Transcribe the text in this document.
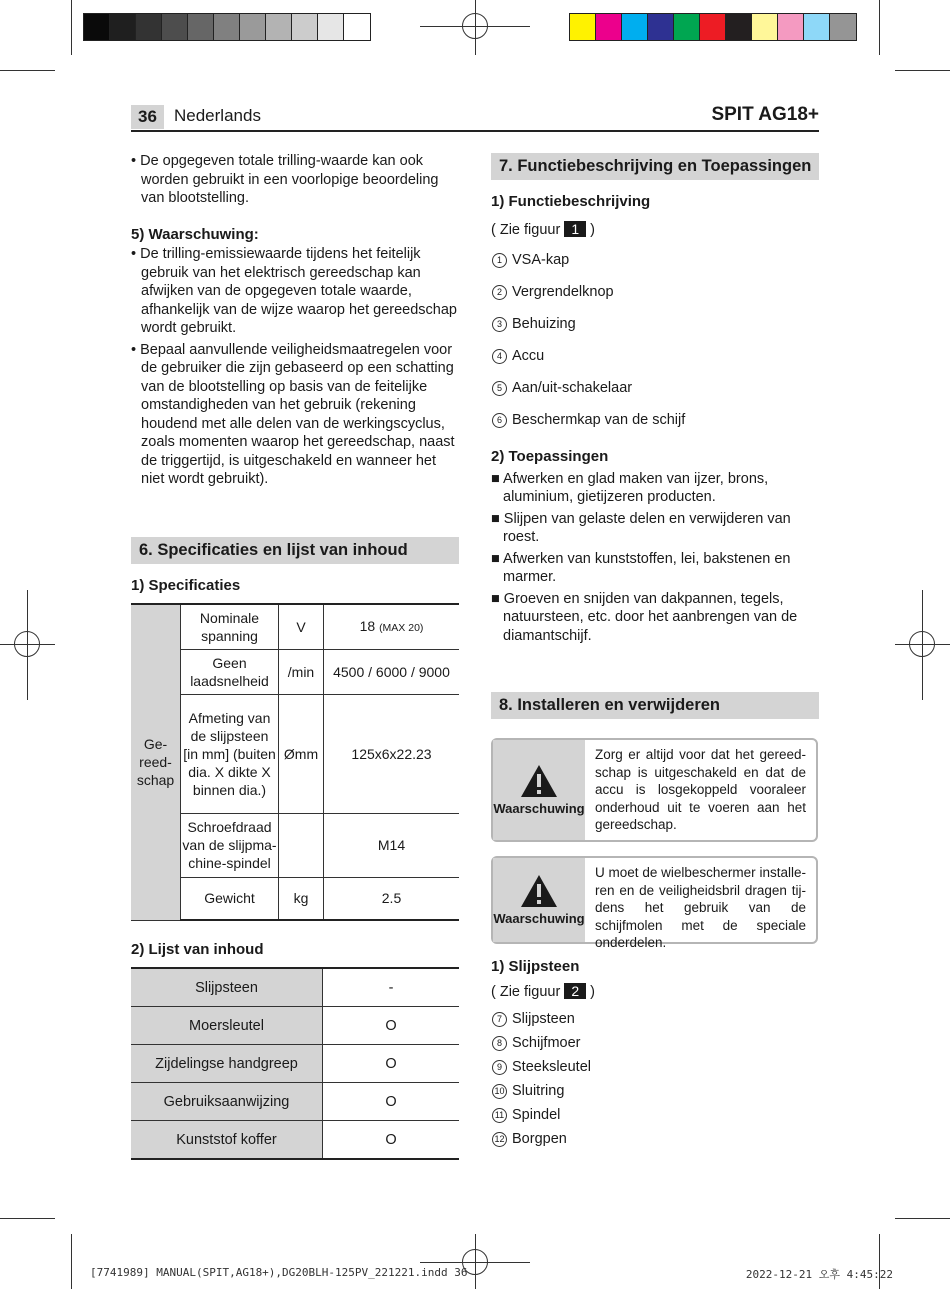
36	Nederlands	SPIT AG18+

• De opgegeven totale trilling-waarde kan ook worden gebruikt in een voorlopige beoordeling van blootstelling.

5) Waarschuwing:

• De trilling-emissiewaarde tijdens het feitelijk gebruik van het elektrisch gereedschap kan afwijken van de opgegeven totale waarde, afhankelijk van de wijze waarop het gereedschap wordt gebruikt.

• Bepaal aanvullende veiligheidsmaatregelen voor de gebruiker die zijn gebaseerd op een schatting van de blootstelling op basis van de feitelijke omstandigheden van het gebruik (rekening houdend met alle delen van de werkingscyclus, zoals momenten waarop het gereedschap, naast de triggertijd, is uitgeschakeld en wanneer het niet wordt gebruikt).

6. Specificaties en lijst van inhoud
1) Specificaties
Ge-reed-schap	Nominale spanning	V	18 (MAX 20)
	Geen laadsnelheid	/min	4500 / 6000 / 9000
	Afmeting van de slijpsteen [in mm] (buiten dia. X dikte X binnen dia.)	Ømm	125x6x22.23
	Schroefdraad van de slijpma-chine-spindel		M14
	Gewicht	kg	2.5
2) Lijst van inhoud
Slijpsteen	-
Moersleutel	O
Zijdelingse handgreep	O
Gebruiksaanwijzing	O
Kunststof koffer	O
7. Functiebeschrijving en Toepassingen
1) Functiebeschrijving
( Zie figuur 1 )
1 VSA-kap
2 Vergrendelknop
3 Behuizing
4 Accu
5 Aan/uit-schakelaar
6 Beschermkap van de schijf

2) Toepassingen

■ Afwerken en glad maken van ijzer, brons, aluminium, gietijzeren producten.

■ Slijpen van gelaste delen en verwijderen van roest.

■ Afwerken van kunststoffen, lei, bakstenen en marmer.

■ Groeven en snijden van dakpannen, tegels, natuursteen, etc. door het aanbrengen van de diamantschijf.

8. Installeren en verwijderen
Waarschuwing
Zorg er altijd voor dat het gereed-schap is uitgeschakeld en dat de accu is losgekoppeld vooraleer onderhoud uit te voeren aan het gereedschap.
Waarschuwing
U moet de wielbeschermer installe-ren en de veiligheidsbril dragen tij-dens het gebruik van de schijfmolen met de speciale onderdelen.
1) Slijpsteen
( Zie figuur 2 )
7 Slijpsteen
8 Schijfmoer
9 Steeksleutel
10 Sluitring
11 Spindel
12 Borgpen
[7741989] MANUAL(SPIT,AG18+),DG20BLH-125PV_221221.indd 36	2022-12-21 오후 4:45:22
